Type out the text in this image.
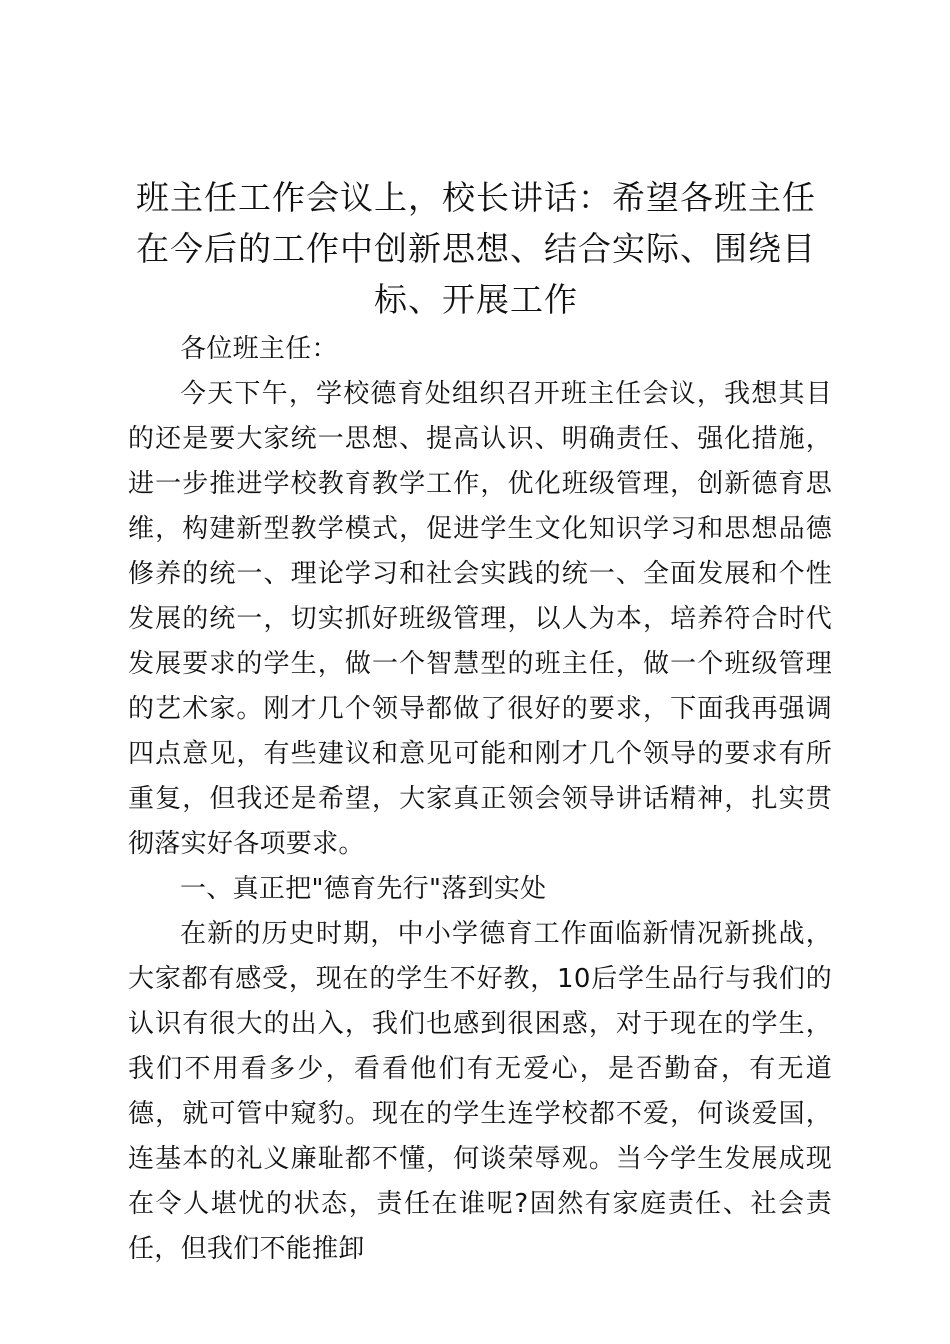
班主任工作会议上，校长讲话：希望各班主任在今后的工作中创新思想、结合实际、围绕目标、开展工作

各位班主任：

今天下午，学校德育处组织召开班主任会议，我想其目的还是要大家统一思想、提高认识、明确责任、强化措施，进一步推进学校教育教学工作，优化班级管理，创新德育思维，构建新型教学模式，促进学生文化知识学习和思想品德修养的统一、理论学习和社会实践的统一、全面发展和个性发展的统一，切实抓好班级管理，以人为本，培养符合时代发展要求的学生，做一个智慧型的班主任，做一个班级管理的艺术家。刚才几个领导都做了很好的要求，下面我再强调四点意见，有些建议和意见可能和刚才几个领导的要求有所重复，但我还是希望，大家真正领会领导讲话精神，扎实贯彻落实好各项要求。

一、真正把"德育先行"落到实处

在新的历史时期，中小学德育工作面临新情况新挑战，大家都有感受，现在的学生不好教，10后学生品行与我们的认识有很大的出入，我们也感到很困惑，对于现在的学生，我们不用看多少，看看他们有无爱心，是否勤奋，有无道德，就可管中窥豹。现在的学生连学校都不爱，何谈爱国，连基本的礼义廉耻都不懂，何谈荣辱观。当今学生发展成现在令人堪忧的状态，责任在谁呢?固然有家庭责任、社会责任，但我们不能推卸
